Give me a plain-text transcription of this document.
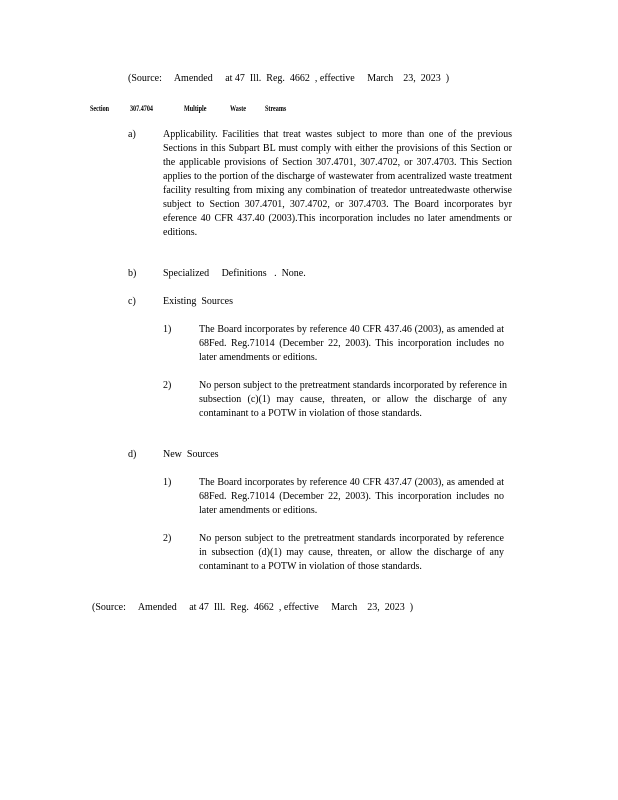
(Source:     Amended     at 47  Ill.  Reg.  4662  , effective     March    23,  2023  )
Section 307.4704	Multiple	Waste Streams
a)	Applicability. Facilities that treat wastes subject to more than one of the previous Sections in this Subpart BL must comply with either the provisions of this Section or the applicable provisions of Section 307.4701, 307.4702, or 307.4703. This Section applies to the portion of the discharge of wastewater from acentralized waste treatment facility resulting from mixing any combination of treatedor untreatedwaste otherwise subject to Section 307.4701, 307.4702, or 307.4703. The Board incorporates byr eference 40 CFR 437.40 (2003).This incorporation includes no later amendments or editions.
b)	Specialized     Definitions   .  None.
c)	Existing  Sources
1)	The Board incorporates by reference 40 CFR 437.46 (2003), as amended at 68Fed. Reg.71014 (December 22, 2003). This incorporation includes no later amendments or editions.
2)	No person subject to the pretreatment standards incorporated by reference in subsection (c)(1) may cause, threaten, or allow the discharge of any contaminant to a POTW in violation of those standards.
d)	New  Sources
1)	The Board incorporates by reference 40 CFR 437.47 (2003), as amended at 68Fed. Reg.71014 (December 22, 2003). This incorporation includes no later amendments or editions.
2)	No person subject to the pretreatment standards incorporated by reference in subsection (d)(1) may cause, threaten, or allow the discharge of any contaminant to a POTW in violation of those standards.
(Source:     Amended     at 47  Ill.  Reg.  4662  , effective     March    23,  2023  )
